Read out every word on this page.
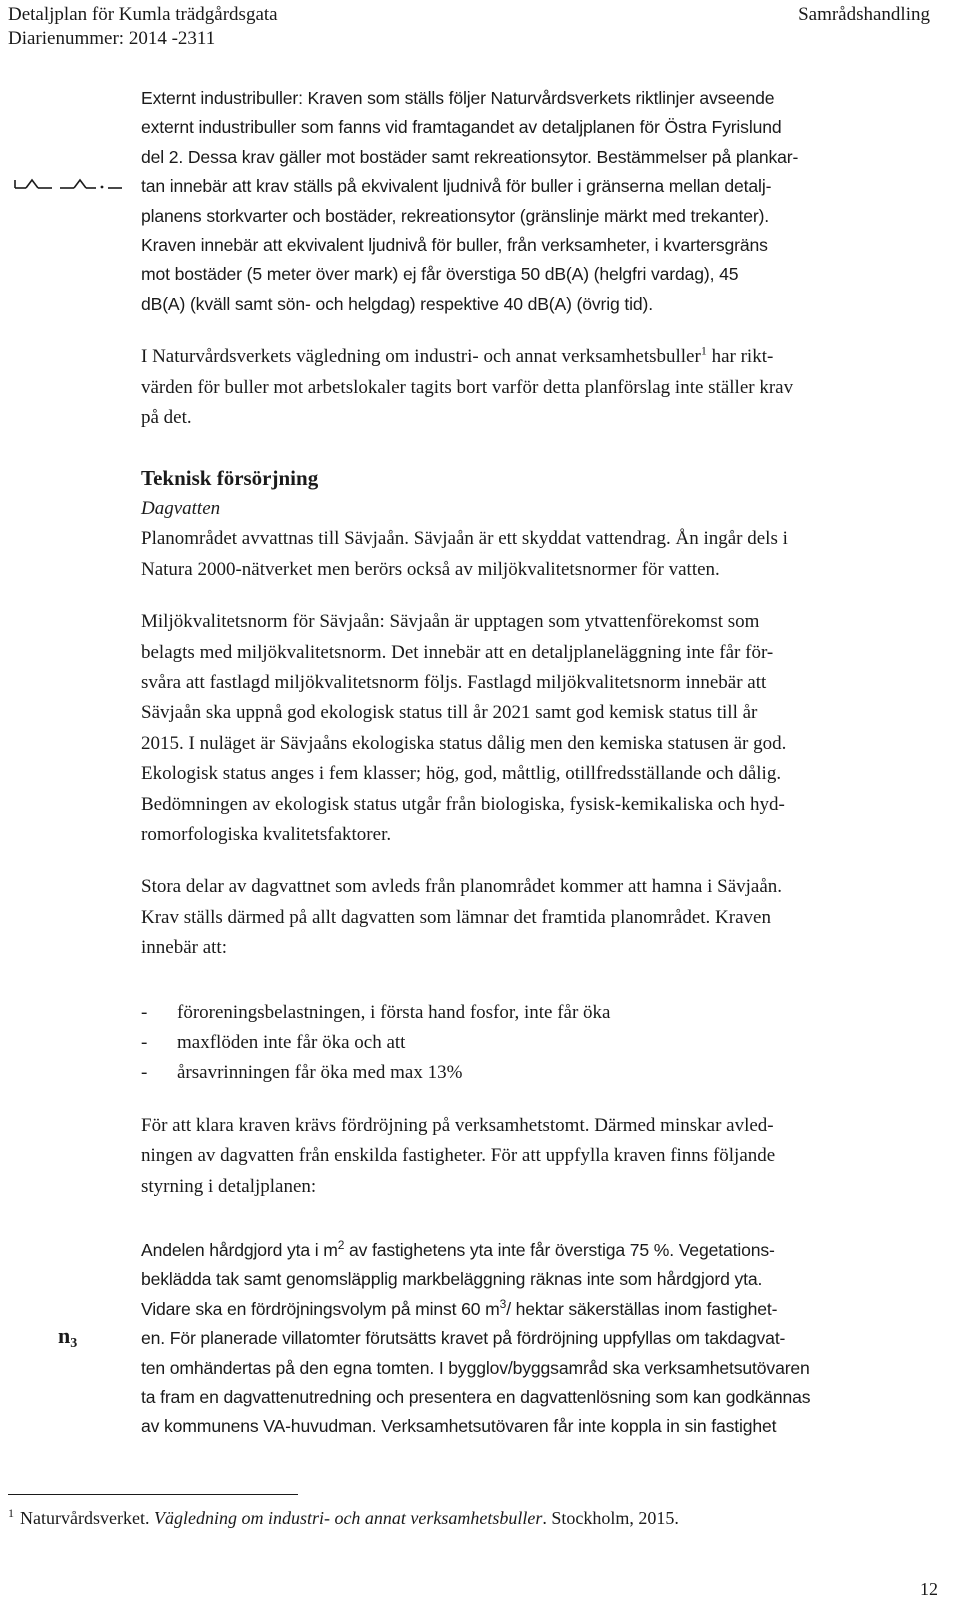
Detaljplan för Kumla trädgårdsgata
Diarienummer: 2014 -2311
Samrådshandling

Externt industribuller: Kraven som ställs följer Naturvårdsverkets riktlinjer avseende

externt industribuller som fanns vid framtagandet av detaljplanen för Östra Fyrislund

del 2. Dessa krav gäller mot bostäder samt rekreationsytor. Bestämmelser på plankar-

tan innebär att krav ställs på ekvivalent ljudnivå för buller i gränserna mellan detalj-

planens storkvarter och bostäder, rekreationsytor (gränslinje märkt med trekanter).

Kraven innebär att ekvivalent ljudnivå för buller, från verksamheter, i kvartersgräns

mot bostäder (5 meter över mark) ej får överstiga 50 dB(A) (helgfri vardag), 45

dB(A) (kväll samt sön- och helgdag) respektive 40 dB(A) (övrig tid).

I Naturvårdsverkets vägledning om industri- och annat verksamhetsbuller$^1$ har rikt-

värden för buller mot arbetslokaler tagits bort varför detta planförslag inte ställer krav

på det.

Teknisk försörjning

Dagvatten

Planområdet avvattnas till Sävjaån. Sävjaån är ett skyddat vattendrag. Ån ingår dels i

Natura 2000-nätverket men berörs också av miljökvalitetsnormer för vatten.

Miljökvalitetsnorm för Sävjaån: Sävjaån är upptagen som ytvattenförekomst som

belagts med miljökvalitetsnorm. Det innebär att en detaljplaneläggning inte får för-

svåra att fastlagd miljökvalitetsnorm följs. Fastlagd miljökvalitetsnorm innebär att

Sävjaån ska uppnå god ekologisk status till år 2021 samt god kemisk status till år

2015. I nuläget är Sävjaåns ekologiska status dålig men den kemiska statusen är god.

Ekologisk status anges i fem klasser; hög, god, måttlig, otillfredsställande och dålig.

Bedömningen av ekologisk status utgår från biologiska, fysisk-kemikaliska och hyd-

romorfologiska kvalitetsfaktorer.

Stora delar av dagvattnet som avleds från planområdet kommer att hamna i Sävjaån.

Krav ställs därmed på allt dagvatten som lämnar det framtida planområdet. Kraven

innebär att:

-	föroreningsbelastningen, i första hand fosfor, inte får öka
-	maxflöden inte får öka och att
-	årsavrinningen får öka med max 13%

För att klara kraven krävs fördröjning på verksamhetstomt. Därmed minskar avled-

ningen av dagvatten från enskilda fastigheter. För att uppfylla kraven finns följande

styrning i detaljplanen:

Andelen hårdgjord yta i $m^2$ av fastighetens yta inte får överstiga 75 %. Vegetations-

beklädda tak samt genomsläpplig markbeläggning räknas inte som hårdgjord yta.

Vidare ska en fördröjningsvolym på minst 60 $m^3/$ hektar säkerställas inom fastighet-

en. För planerade villatomter förutsätts kravet på fördröjning uppfyllas om takdagvat-

ten omhändertas på den egna tomten. I bygglov/byggsamråd ska verksamhetsutövaren

ta fram en dagvattenutredning och presentera en dagvattenlösning som kan godkännas

av kommunens VA-huvudman. Verksamhetsutövaren får inte koppla in sin fastighet

$n_3$
$^1$ Naturvårdsverket. Vägledning om industri- och annat verksamhetsbuller. Stockholm, 2015.
12
